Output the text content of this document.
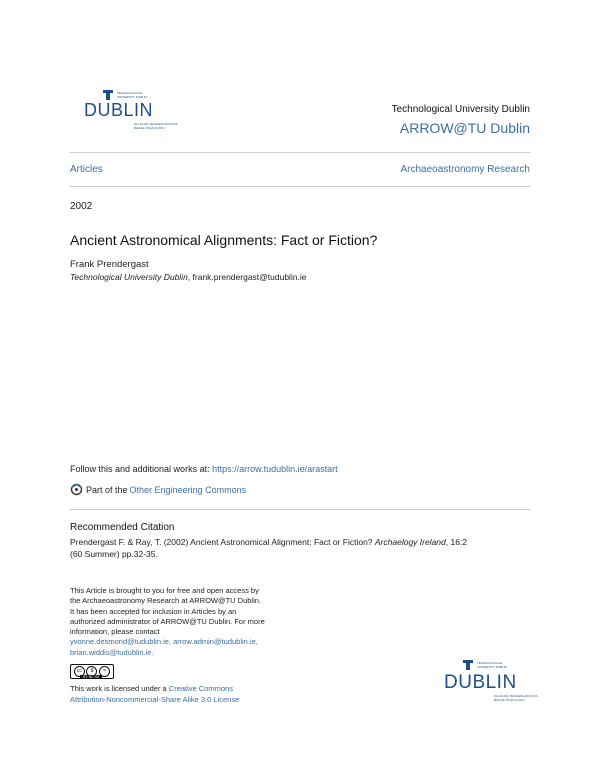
TECHNOLOGICAL
UNIVERSITY DUBLIN
DUBLIN
OLLSCOIL TEICNEOLAÍOCHTA
BHAILE ÁTHA CLIATH
Technological University Dublin
ARROW@TU Dublin
Articles	Archaeoastronomy Research
2002
Ancient Astronomical Alignments: Fact or Fiction?
Frank Prendergast
Technological University Dublin, frank.prendergast@tudublin.ie
Follow this and additional works at: https://arrow.tudublin.ie/arastart
Part of the Other Engineering Commons
Recommended Citation
Prendergast F. & Ray, T. (2002) Ancient Astronomical Alignment: Fact or Fiction? Archaelogy Ireland, 16:2
(60 Summer) pp.32-35.
This Article is brought to you for free and open access by
the Archaeoastronomy Research at ARROW@TU Dublin.
It has been accepted for inclusion in Articles by an
authorized administrator of ARROW@TU Dublin. For more
information, please contact
yvonne.desmond@tudublin.ie, arrow.admin@tudublin.ie,
brian.widdis@tudublin.ie.
cc	$	=
BY NC SA
This work is licensed under a Creative Commons
Attribution-Noncommercial-Share Alike 3.0 License
TECHNOLOGICAL
UNIVERSITY DUBLIN
DUBLIN
OLLSCOIL TEICNEOLAÍOCHTA
BHAILE ÁTHA CLIATH
